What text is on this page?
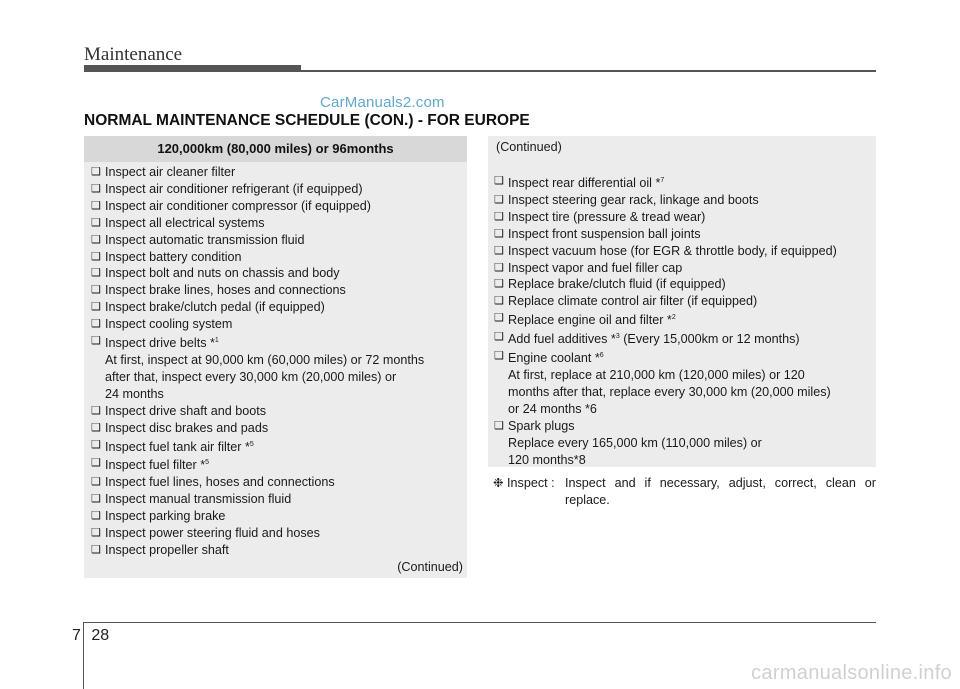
Maintenance
CarManuals2.com
NORMAL MAINTENANCE SCHEDULE (CON.) - FOR EUROPE
120,000km (80,000 miles) or 96months
❑ Inspect air cleaner filter
❑ Inspect air conditioner refrigerant (if equipped)
❑ Inspect air conditioner compressor (if equipped)
❑ Inspect all electrical systems
❑ Inspect automatic transmission fluid
❑ Inspect battery condition
❑ Inspect bolt and nuts on chassis and body
❑ Inspect brake lines, hoses and connections
❑ Inspect brake/clutch pedal (if equipped)
❑ Inspect cooling system
❑ Inspect drive belts *$^1$
At first, inspect at 90,000 km (60,000 miles) or 72 months
after that, inspect every 30,000 km (20,000 miles) or
24 months
❑ Inspect drive shaft and boots
❑ Inspect disc brakes and pads
❑ Inspect fuel tank air filter *$^5$
❑ Inspect fuel filter *$^5$
❑ Inspect fuel lines, hoses and connections
❑ Inspect manual transmission fluid
❑ Inspect parking brake
❑ Inspect power steering fluid and hoses
❑ Inspect propeller shaft
(Continued)
(Continued)
❑ Inspect rear differential oil *$^7$
❑ Inspect steering gear rack, linkage and boots
❑ Inspect tire (pressure & tread wear)
❑ Inspect front suspension ball joints
❑ Inspect vacuum hose (for EGR & throttle body, if equipped)
❑ Inspect vapor and fuel filler cap
❑ Replace brake/clutch fluid (if equipped)
❑ Replace climate control air filter (if equipped)
❑ Replace engine oil and filter *$^2$
❑ Add fuel additives *$^3$ (Every 15,000km or 12 months)
❑ Engine coolant *$^6$
At first, replace at 210,000 km (120,000 miles) or 120
months after that, replace every 30,000 km (20,000 miles)
or 24 months *6
❑ Spark plugs
Replace every 165,000 km (110,000 miles) or
120 months*8
❉ Inspect : Inspect and if necessary, adjust, correct, clean or replace.
7 28
carmanualsonline.info
